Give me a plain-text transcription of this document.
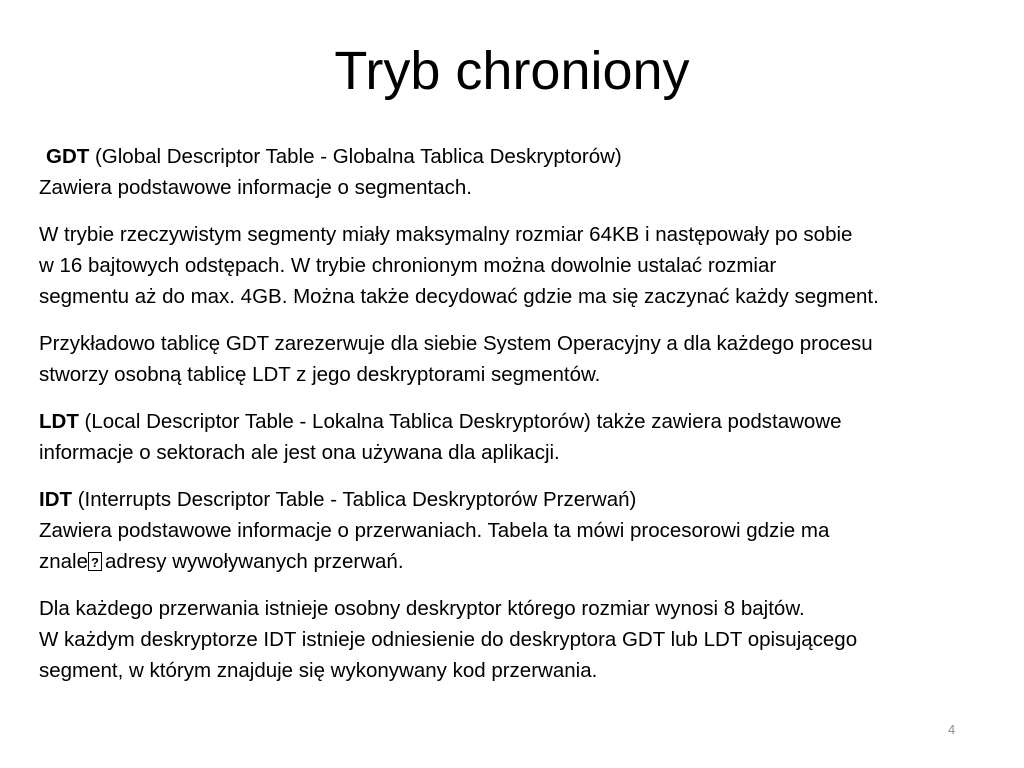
Tryb chroniony

GDT (Global Descriptor Table - Globalna Tablica Deskryptorów)
Zawiera podstawowe informacje o segmentach.

W trybie rzeczywistym segmenty miały maksymalny rozmiar 64KB i następowały po sobie
w 16 bajtowych odstępach. W trybie chronionym można dowolnie ustalać rozmiar
segmentu aż do max. 4GB. Można także decydować gdzie ma się zaczynać każdy segment.

Przykładowo tablicę GDT zarezerwuje dla siebie System Operacyjny a dla każdego procesu
stworzy osobną tablicę LDT z jego deskryptorami segmentów.

LDT (Local Descriptor Table - Lokalna Tablica Deskryptorów) także zawiera podstawowe
informacje o sektorach ale jest ona używana dla aplikacji.

IDT (Interrupts Descriptor Table - Tablica Deskryptorów Przerwań)
Zawiera podstawowe informacje o przerwaniach. Tabela ta mówi procesorowi gdzie ma
znale? adresy wywoływanych przerwań.

Dla każdego przerwania istnieje osobny deskryptor którego rozmiar wynosi 8 bajtów.
W każdym deskryptorze IDT istnieje odniesienie do deskryptora GDT lub LDT opisującego
segment, w którym znajduje się wykonywany kod przerwania.

4
